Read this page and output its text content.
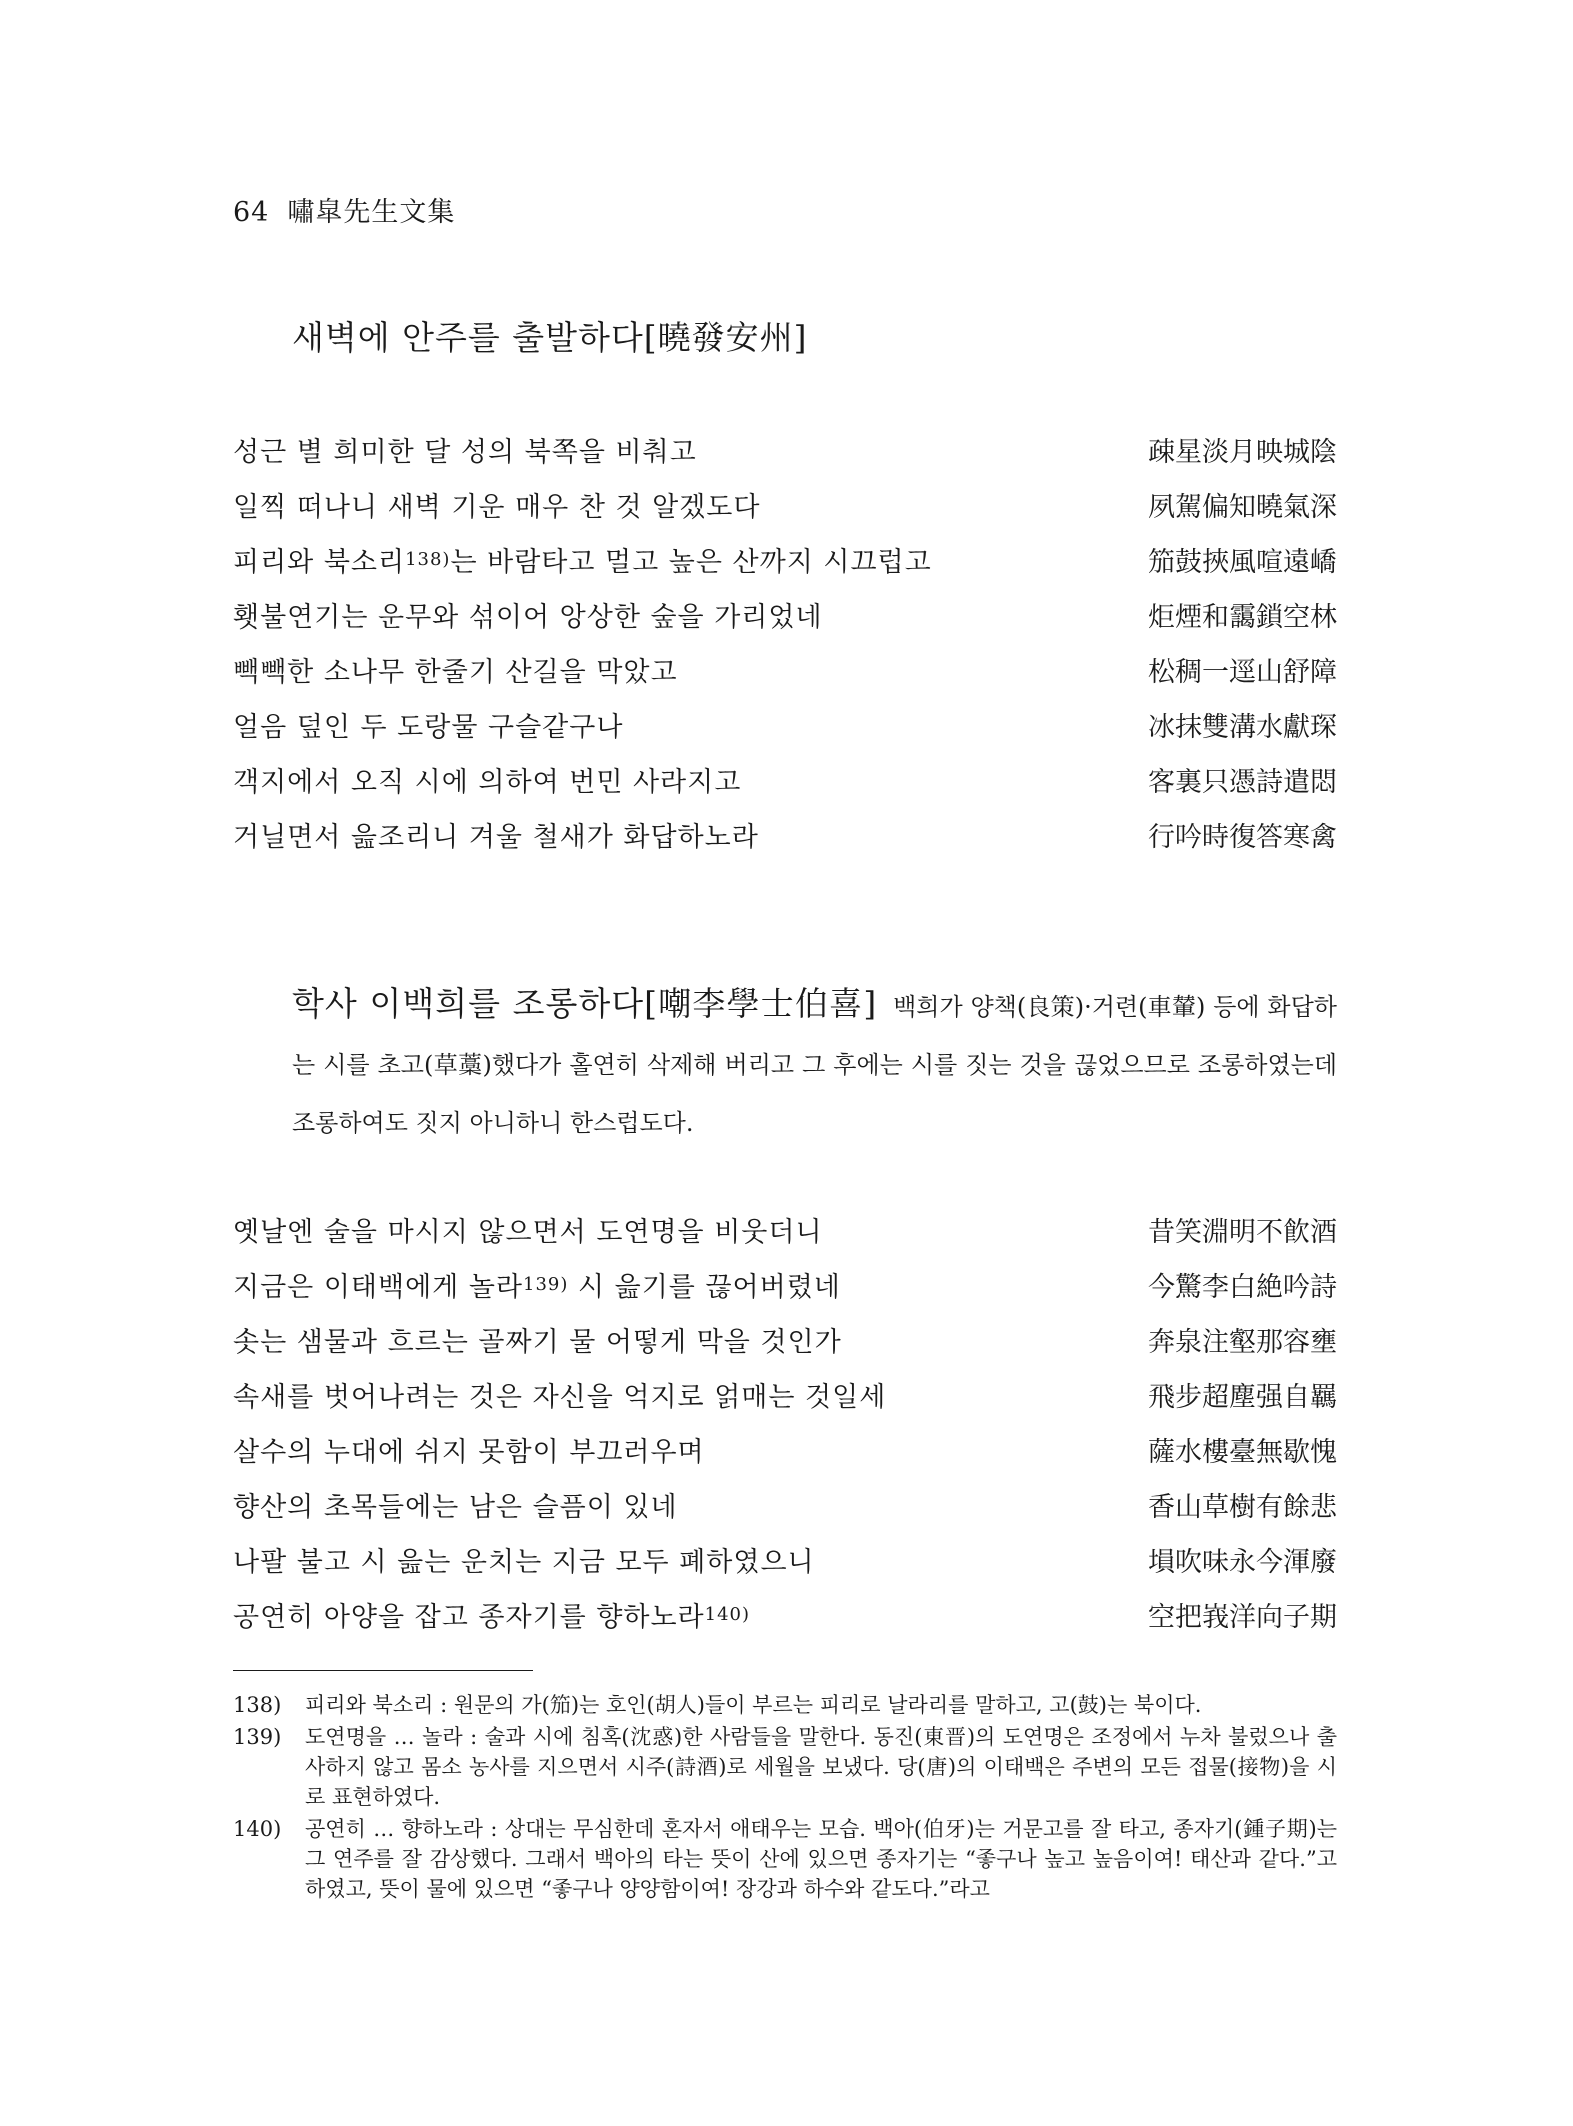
64 嘯皐先生文集
새벽에 안주를 출발하다[曉發安州]
성근 별 희미한 달 성의 북쪽을 비춰고	疎星淡月映城陰
일찍 떠나니 새벽 기운 매우 찬 것 알겠도다	夙駕偏知曉氣深
피리와 북소리$^{138)}$는 바람타고 멀고 높은 산까지 시끄럽고	笳鼓挾風喧遠嶠
횃불연기는 운무와 섞이어 앙상한 숲을 가리었네	炬煙和靄鎖空林
빽빽한 소나무 한줄기 산길을 막았고	松稠一逕山舒障
얼음 덮인 두 도랑물 구슬같구나	冰抹雙溝水獻琛
객지에서 오직 시에 의하여 번민 사라지고	客裏只憑詩遣悶
거닐면서 읊조리니 겨울 철새가 화답하노라	行吟時復答寒禽
학사 이백희를 조롱하다[嘲李學士伯喜] 백희가 양책(良策)·거련(車輦) 등에 화답하는 시를 초고(草藁)했다가 홀연히 삭제해 버리고 그 후에는 시를 짓는 것을 끊었으므로 조롱하였는데 조롱하여도 짓지 아니하니 한스럽도다.
옛날엔 술을 마시지 않으면서 도연명을 비웃더니	昔笑淵明不飮酒
지금은 이태백에게 놀라$^{139)}$ 시 읊기를 끊어버렸네	今驚李白絶吟詩
솟는 샘물과 흐르는 골짜기 물 어떻게 막을 것인가	奔泉注壑那容壅
속새를 벗어나려는 것은 자신을 억지로 얽매는 것일세	飛步超塵强自羈
살수의 누대에 쉬지 못함이 부끄러우며	薩水樓臺無歇愧
향산의 초목들에는 남은 슬픔이 있네	香山草樹有餘悲
나팔 불고 시 읊는 운치는 지금 모두 폐하였으니	塤吹味永今渾廢
공연히 아양을 잡고 종자기를 향하노라$^{140)}$	空把峩洋向子期
138)	피리와 북소리 : 원문의 가(笳)는 호인(胡人)들이 부르는 피리로 날라리를 말하고, 고(鼓)는 북이다.
139)	도연명을 … 놀라 : 술과 시에 침혹(沈惑)한 사람들을 말한다. 동진(東晋)의 도연명은 조정에서 누차 불렀으나 출사하지 않고 몸소 농사를 지으면서 시주(詩酒)로 세월을 보냈다. 당(唐)의 이태백은 주변의 모든 접물(接物)을 시로 표현하였다.
140)	공연히 … 향하노라 : 상대는 무심한데 혼자서 애태우는 모습. 백아(伯牙)는 거문고를 잘 타고, 종자기(鍾子期)는 그 연주를 잘 감상했다. 그래서 백아의 타는 뜻이 산에 있으면 종자기는 “좋구나 높고 높음이여! 태산과 같다.”고 하였고, 뜻이 물에 있으면 “좋구나 양양함이여! 장강과 하수와 같도다.”라고
